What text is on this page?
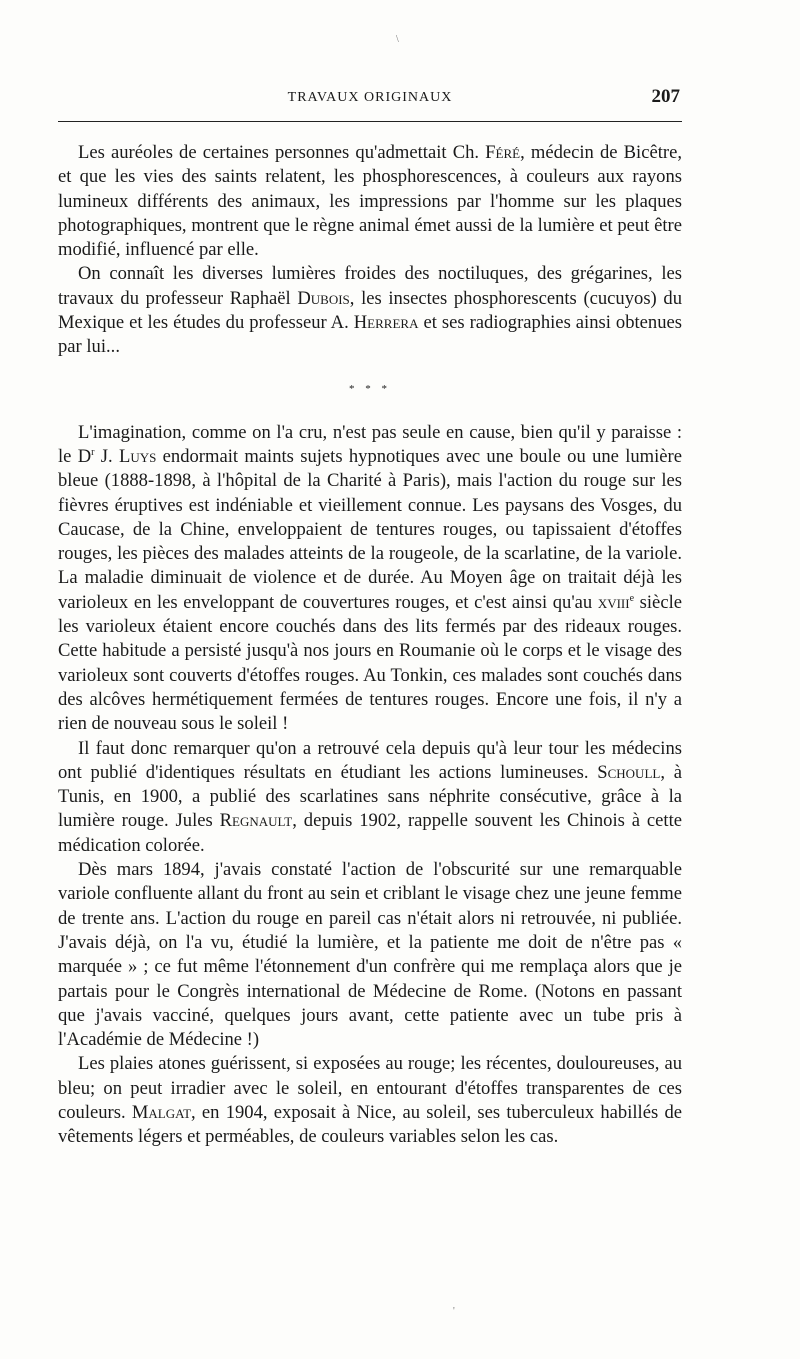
\
TRAVAUX ORIGINAUX	207

Les auréoles de certaines personnes qu'admettait Ch. Féré, médecin de Bicêtre, et que les vies des saints relatent, les phosphorescences, à couleurs aux rayons lumineux différents des animaux, les impressions par l'homme sur les plaques photographiques, montrent que le règne animal émet aussi de la lumière et peut être modifié, influencé par elle.

On connaît les diverses lumières froides des noctiluques, des grégarines, les travaux du professeur Raphaël Dubois, les insectes phosphorescents (cucuyos) du Mexique et les études du professeur A. Herrera et ses radiographies ainsi obtenues par lui...

* * *

L'imagination, comme on l'a cru, n'est pas seule en cause, bien qu'il y paraisse : le $D^r$ J. Luys endormait maints sujets hypnotiques avec une boule ou une lumière bleue (1888-1898, à l'hôpital de la Charité à Paris), mais l'action du rouge sur les fièvres éruptives est indéniable et vieillement connue. Les paysans des Vosges, du Caucase, de la Chine, enveloppaient de tentures rouges, ou tapissaient d'étoffes rouges, les pièces des malades atteints de la rougeole, de la scarlatine, de la variole. La maladie diminuait de violence et de durée. Au Moyen âge on traitait déjà les varioleux en les enveloppant de couvertures rouges, et c'est ainsi qu'au xviii$^e$ siècle les varioleux étaient encore couchés dans des lits fermés par des rideaux rouges. Cette habitude a persisté jusqu'à nos jours en Roumanie où le corps et le visage des varioleux sont couverts d'étoffes rouges. Au Tonkin, ces malades sont couchés dans des alcôves hermétiquement fermées de tentures rouges. Encore une fois, il n'y a rien de nouveau sous le soleil !

Il faut donc remarquer qu'on a retrouvé cela depuis qu'à leur tour les médecins ont publié d'identiques résultats en étudiant les actions lumineuses. Schoull, à Tunis, en 1900, a publié des scarlatines sans néphrite consécutive, grâce à la lumière rouge. Jules Regnault, depuis 1902, rappelle souvent les Chinois à cette médication colorée.

Dès mars 1894, j'avais constaté l'action de l'obscurité sur une remarquable variole confluente allant du front au sein et criblant le visage chez une jeune femme de trente ans. L'action du rouge en pareil cas n'était alors ni retrouvée, ni publiée. J'avais déjà, on l'a vu, étudié la lumière, et la patiente me doit de n'être pas « marquée » ; ce fut même l'étonnement d'un confrère qui me remplaça alors que je partais pour le Congrès international de Médecine de Rome. (Notons en passant que j'avais vacciné, quelques jours avant, cette patiente avec un tube pris à l'Académie de Médecine !)

Les plaies atones guérissent, si exposées au rouge; les récentes, douloureuses, au bleu; on peut irradier avec le soleil, en entourant d'étoffes transparentes de ces couleurs. Malgat, en 1904, exposait à Nice, au soleil, ses tuberculeux habillés de vêtements légers et perméables, de couleurs variables selon les cas.

'
